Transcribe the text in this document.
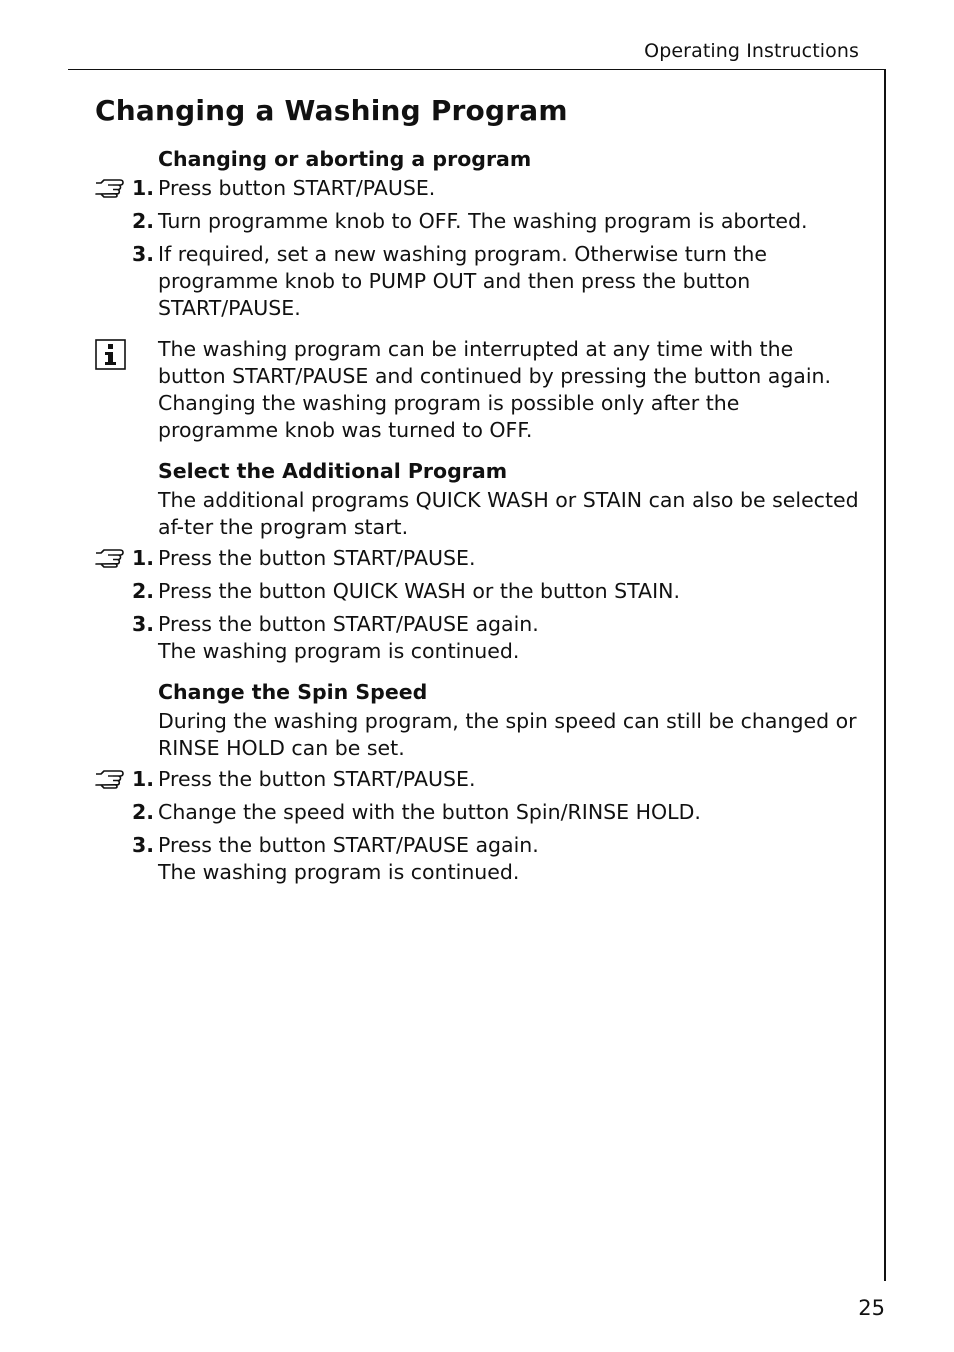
Operating Instructions
Changing a Washing Program
Changing or aborting a program
1. Press button START/PAUSE.
2. Turn programme knob to OFF. The washing program is aborted.
3. If required, set a new washing program. Otherwise turn the programme knob to PUMP OUT and then press the button START/PAUSE.
The washing program can be interrupted at any time with the button START/PAUSE and continued by pressing the button again. Changing the washing program is possible only after the programme knob was turned to OFF.
Select the Additional Program
The additional programs QUICK WASH or STAIN can also be selected af-ter the program start.
1. Press the button START/PAUSE.
2. Press the button QUICK WASH or the button STAIN.
3. Press the button START/PAUSE again.
The washing program is continued.
Change the Spin Speed
During the washing program, the spin speed can still be changed or RINSE HOLD can be set.
1. Press the button START/PAUSE.
2. Change the speed with the button Spin/RINSE HOLD.
3. Press the button START/PAUSE again.
The washing program is continued.
25
